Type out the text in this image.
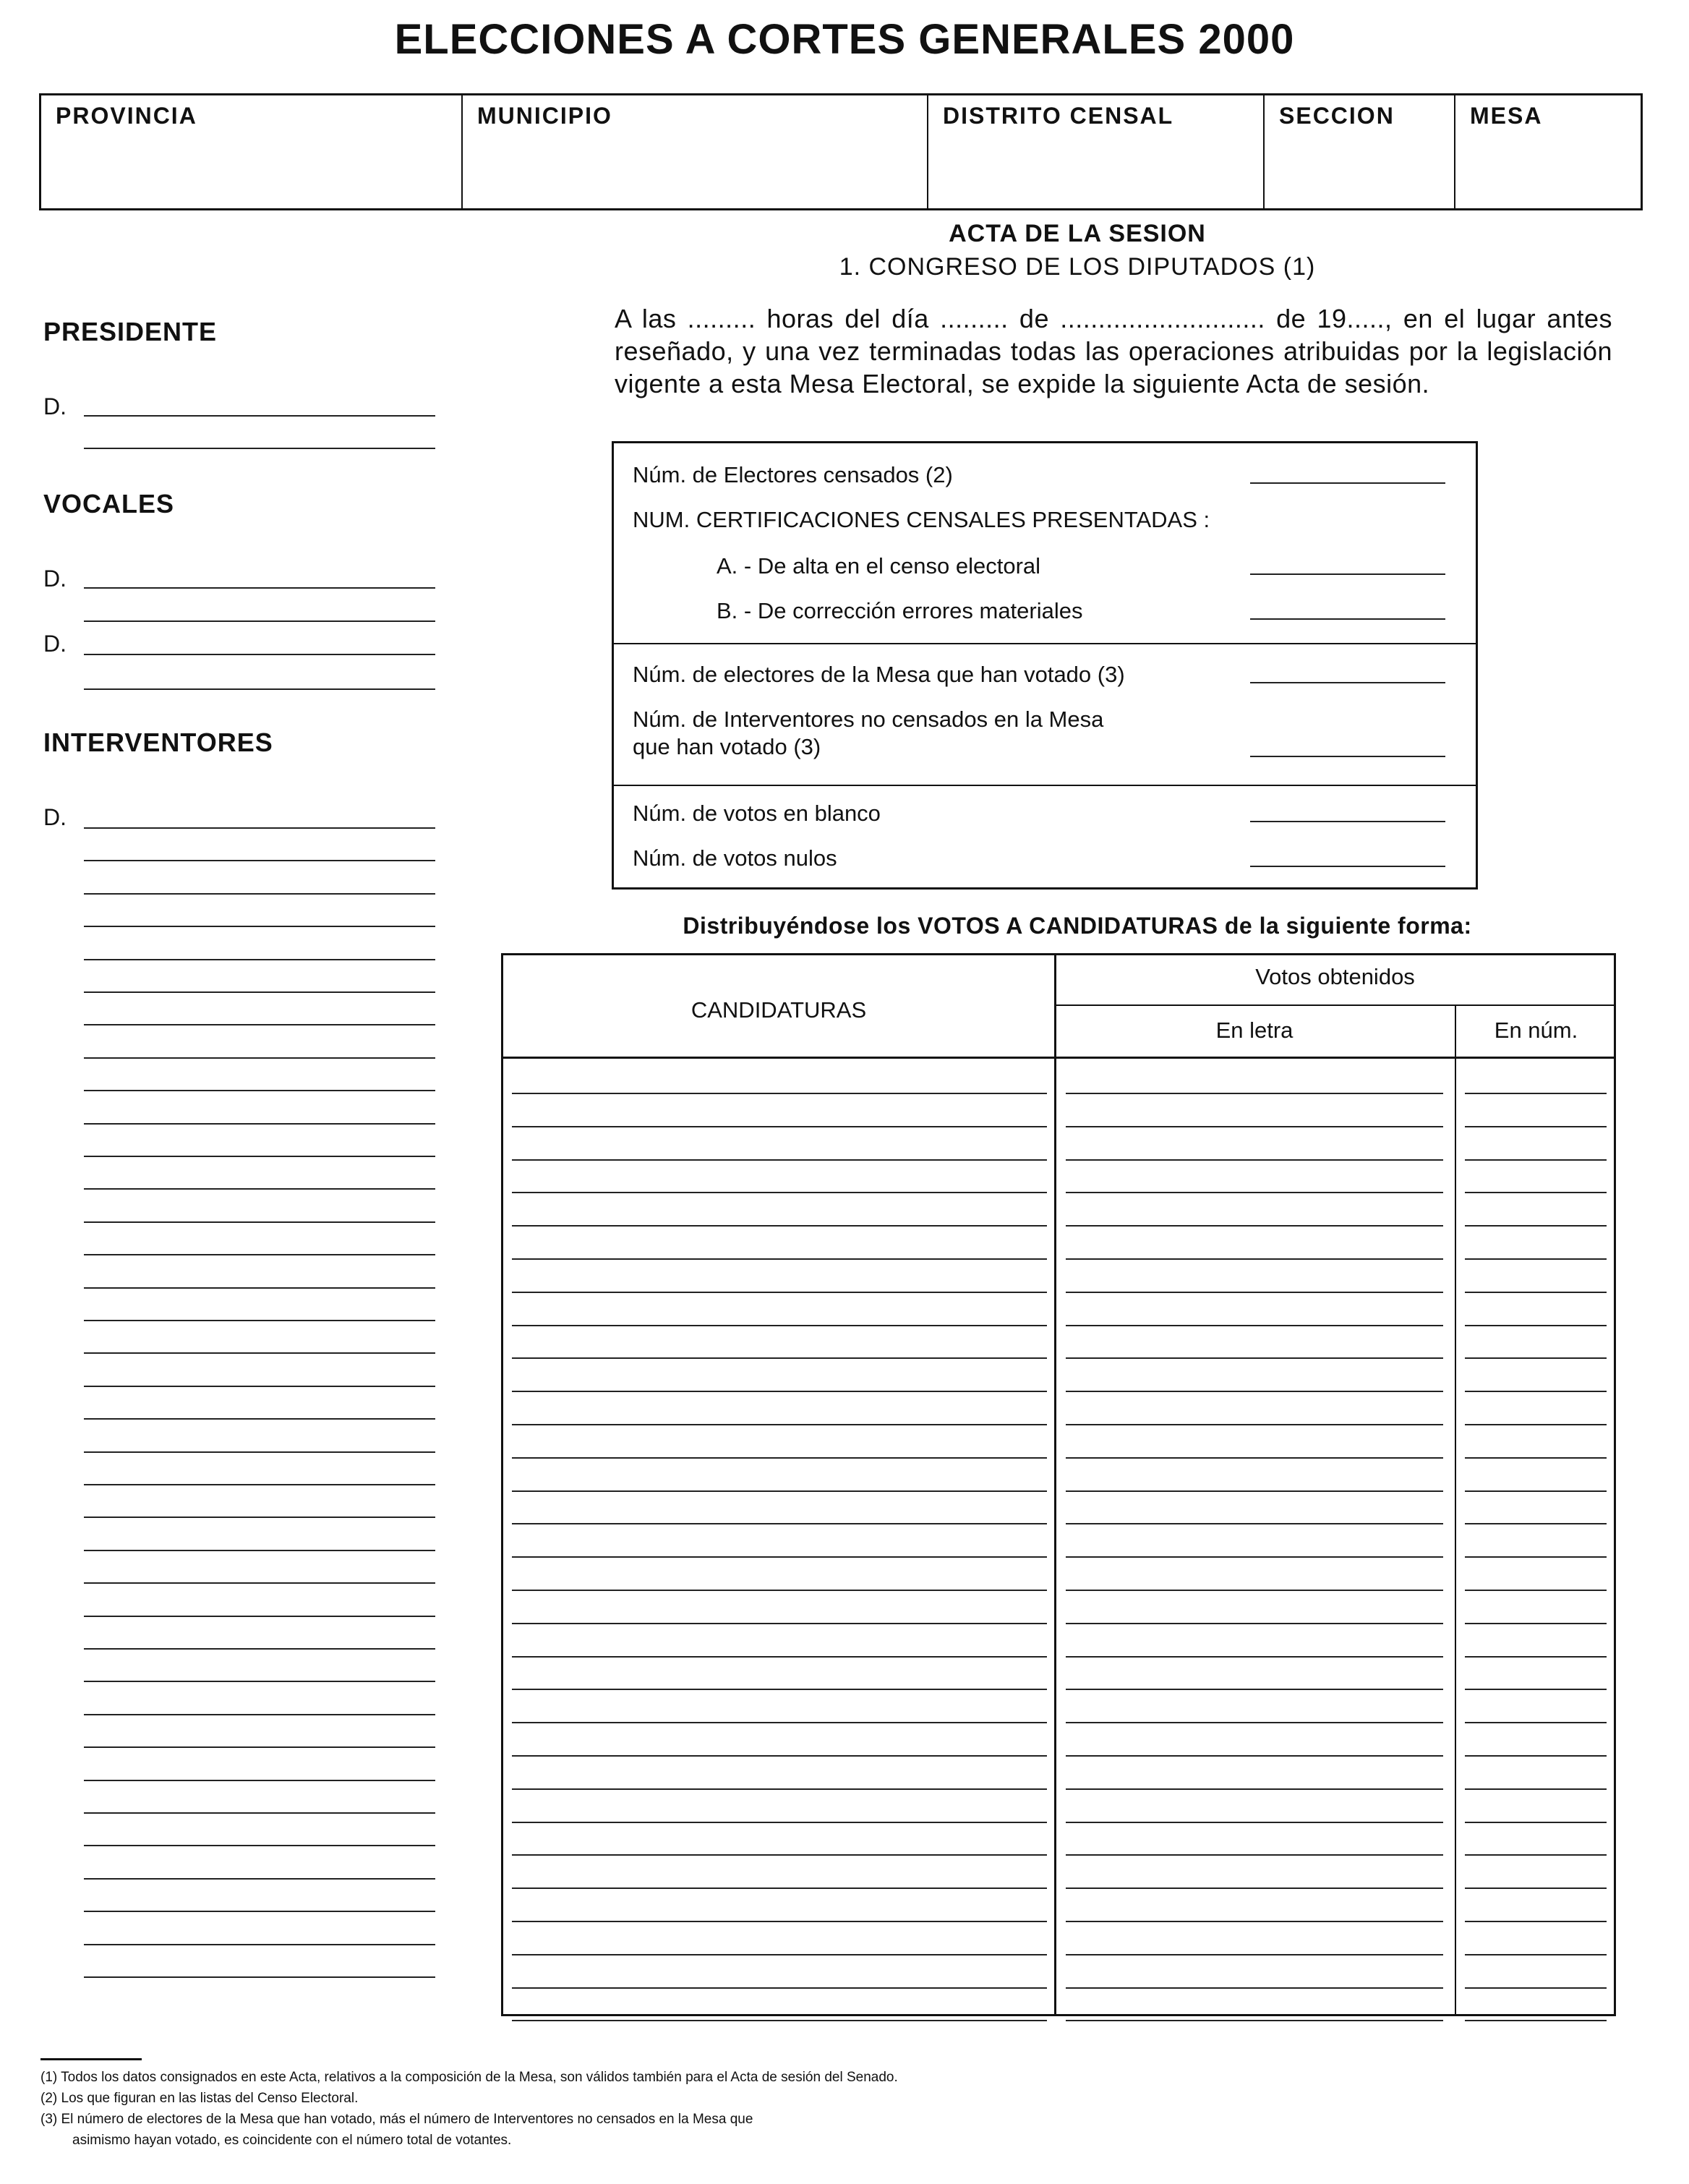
ELECCIONES A CORTES GENERALES 2000
PROVINCIA	MUNICIPIO	DISTRITO CENSAL	SECCION	MESA
PRESIDENTE
D.
VOCALES
D.
D.
INTERVENTORES
D.
ACTA DE LA SESION
1. CONGRESO DE LOS DIPUTADOS (1)
A las ......... horas del día ......... de ........................... de 19....., en el lugar antes reseñado, y una vez terminadas todas las operaciones atribuidas por la legislación vigente a esta Mesa Electoral, se expide la siguiente Acta de sesión.
Núm. de Electores censados (2)
NUM. CERTIFICACIONES CENSALES PRESENTADAS :
A. - De alta en el censo electoral
B. - De corrección errores materiales
Núm. de electores de la Mesa que han votado (3)
Núm. de Interventores no censados en la Mesa
que han votado (3)
Núm. de votos en blanco
Núm. de votos nulos
Distribuyéndose los VOTOS A CANDIDATURAS de la siguiente forma:
CANDIDATURAS
Votos obtenidos
En letra	En núm.
(1) Todos los datos consignados en este Acta, relativos a la composición de la Mesa, son válidos también para el Acta de sesión del Senado.
(2) Los que figuran en las listas del Censo Electoral.
(3) El número de electores de la Mesa que han votado, más el número de Interventores no censados en la Mesa que
asimismo hayan votado, es coincidente con el número total de votantes.
